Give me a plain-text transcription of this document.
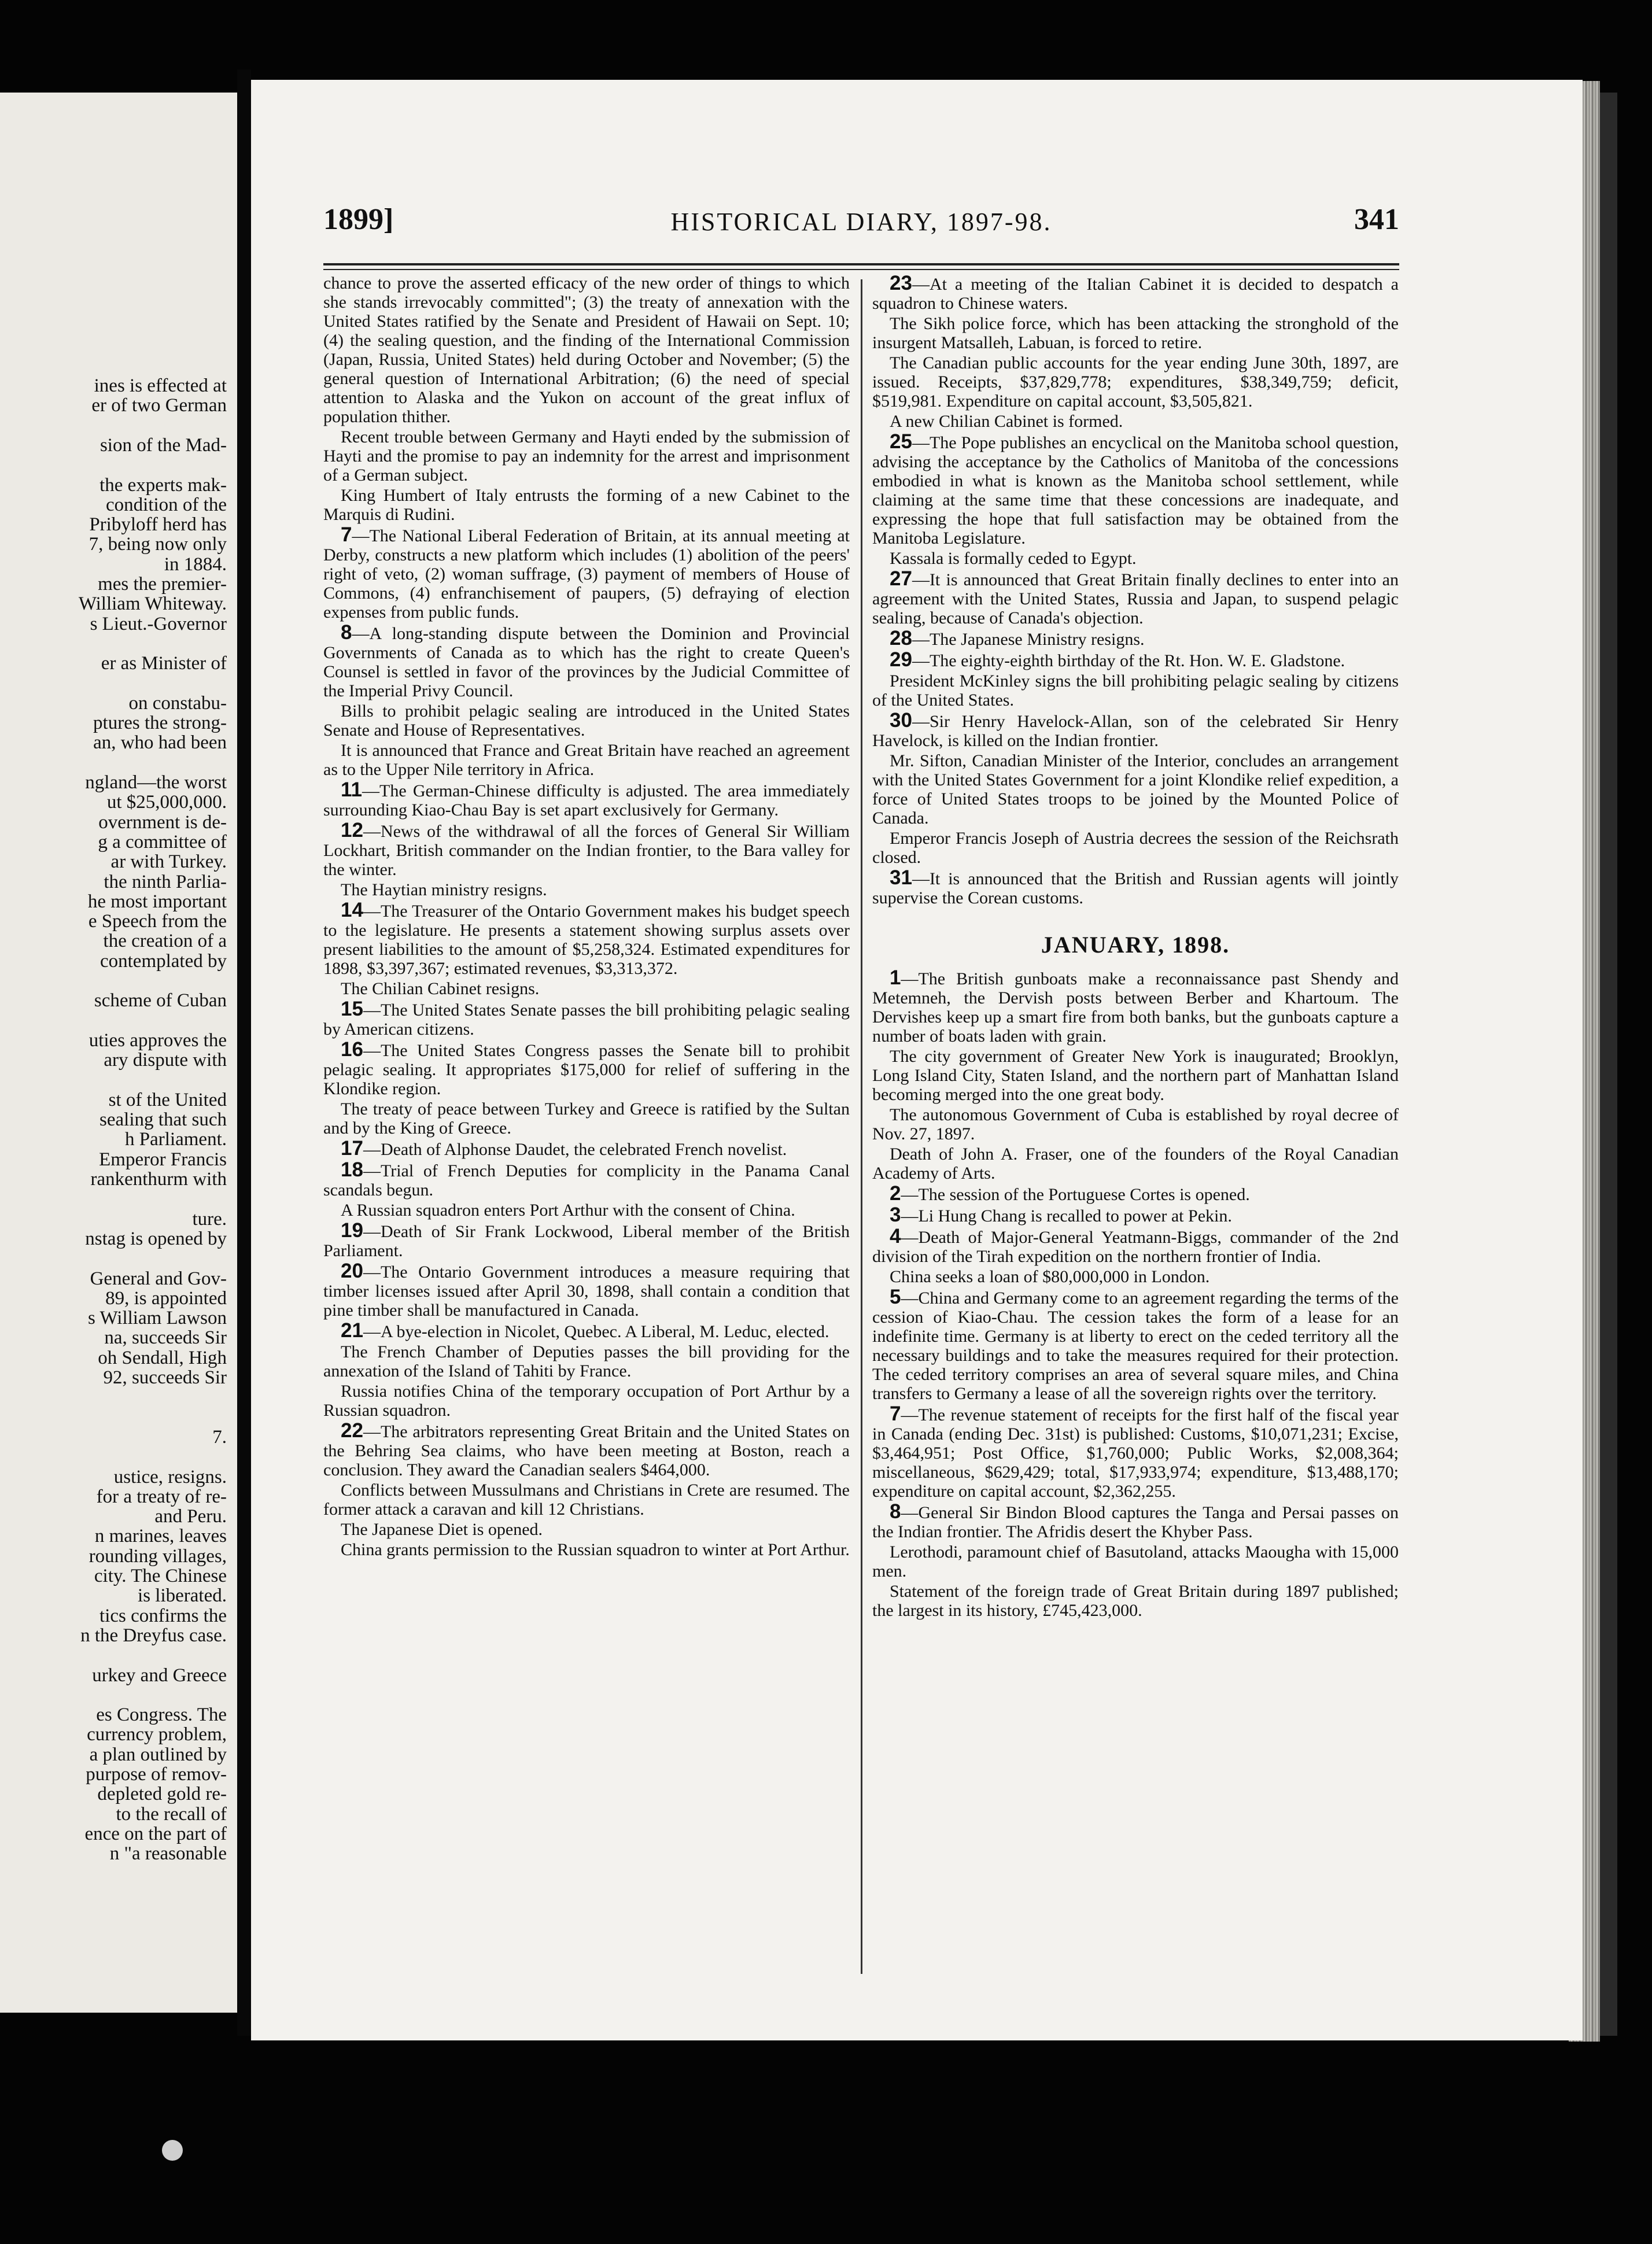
ines is effected at
er of two German
sion of the Mad-
the experts mak-
condition of the
Pribyloff herd has
7, being now only
in 1884.
mes the premier-
William Whiteway.
s Lieut.-Governor
er as Minister of
on constabu-
ptures the strong-
an, who had been
ngland—the worst
ut $25,000,000.
overnment is de-
g a committee of
ar with Turkey.
the ninth Parlia-
he most important
e Speech from the
the creation of a
contemplated by
scheme of Cuban
uties approves the
ary dispute with
st of the United
sealing that such
h Parliament.
Emperor Francis
rankenthurm with
ture.
nstag is opened by
General and Gov-
89, is appointed
s William Lawson
na, succeeds Sir
oh Sendall, High
92, succeeds Sir
7.
ustice, resigns.
for a treaty of re-
and Peru.
n marines, leaves
rounding villages,
city. The Chinese
is liberated.
tics confirms the
n the Dreyfus case.
urkey and Greece
es Congress. The
currency problem,
a plan outlined by
purpose of remov-
depleted gold re-
to the recall of
ence on the part of
n "a reasonable
1899]	HISTORICAL DIARY, 1897-98.	341

chance to prove the asserted efficacy of the new order of things to which she stands irrevocably committed"; (3) the treaty of annexation with the United States ratified by the Senate and President of Hawaii on Sept. 10; (4) the sealing question, and the finding of the International Commission (Japan, Russia, United States) held during October and November; (5) the general question of International Arbitration; (6) the need of special attention to Alaska and the Yukon on account of the great influx of population thither.

Recent trouble between Germany and Hayti ended by the submission of Hayti and the promise to pay an indemnity for the arrest and imprisonment of a German subject.

King Humbert of Italy entrusts the forming of a new Cabinet to the Marquis di Rudini.

7—The National Liberal Federation of Britain, at its annual meeting at Derby, constructs a new platform which includes (1) abolition of the peers' right of veto, (2) woman suffrage, (3) payment of members of House of Commons, (4) enfranchisement of paupers, (5) defraying of election expenses from public funds.

8—A long-standing dispute between the Dominion and Provincial Governments of Canada as to which has the right to create Queen's Counsel is settled in favor of the provinces by the Judicial Committee of the Imperial Privy Council.

Bills to prohibit pelagic sealing are introduced in the United States Senate and House of Representatives.

It is announced that France and Great Britain have reached an agreement as to the Upper Nile territory in Africa.

11—The German-Chinese difficulty is adjusted. The area immediately surrounding Kiao-Chau Bay is set apart exclusively for Germany.

12—News of the withdrawal of all the forces of General Sir William Lockhart, British commander on the Indian frontier, to the Bara valley for the winter.

The Haytian ministry resigns.

14—The Treasurer of the Ontario Government makes his budget speech to the legislature. He presents a statement showing surplus assets over present liabilities to the amount of $5,258,324. Estimated expenditures for 1898, $3,397,367; estimated revenues, $3,313,372.

The Chilian Cabinet resigns.

15—The United States Senate passes the bill prohibiting pelagic sealing by American citizens.

16—The United States Congress passes the Senate bill to prohibit pelagic sealing. It appropriates $175,000 for relief of suffering in the Klondike region.

The treaty of peace between Turkey and Greece is ratified by the Sultan and by the King of Greece.

17—Death of Alphonse Daudet, the celebrated French novelist.

18—Trial of French Deputies for complicity in the Panama Canal scandals begun.

A Russian squadron enters Port Arthur with the consent of China.

19—Death of Sir Frank Lockwood, Liberal member of the British Parliament.

20—The Ontario Government introduces a measure requiring that timber licenses issued after April 30, 1898, shall contain a condition that pine timber shall be manufactured in Canada.

21—A bye-election in Nicolet, Quebec. A Liberal, M. Leduc, elected.

The French Chamber of Deputies passes the bill providing for the annexation of the Island of Tahiti by France.

Russia notifies China of the temporary occupation of Port Arthur by a Russian squadron.

22—The arbitrators representing Great Britain and the United States on the Behring Sea claims, who have been meeting at Boston, reach a conclusion. They award the Canadian sealers $464,000.

Conflicts between Mussulmans and Christians in Crete are resumed. The former attack a caravan and kill 12 Christians.

The Japanese Diet is opened.

China grants permission to the Russian squadron to winter at Port Arthur.

23—At a meeting of the Italian Cabinet it is decided to despatch a squadron to Chinese waters.

The Sikh police force, which has been attacking the stronghold of the insurgent Matsalleh, Labuan, is forced to retire.

The Canadian public accounts for the year ending June 30th, 1897, are issued. Receipts, $37,829,778; expenditures, $38,349,759; deficit, $519,981. Expenditure on capital account, $3,505,821.

A new Chilian Cabinet is formed.

25—The Pope publishes an encyclical on the Manitoba school question, advising the acceptance by the Catholics of Manitoba of the concessions embodied in what is known as the Manitoba school settlement, while claiming at the same time that these concessions are inadequate, and expressing the hope that full satisfaction may be obtained from the Manitoba Legislature.

Kassala is formally ceded to Egypt.

27—It is announced that Great Britain finally declines to enter into an agreement with the United States, Russia and Japan, to suspend pelagic sealing, because of Canada's objection.

28—The Japanese Ministry resigns.

29—The eighty-eighth birthday of the Rt. Hon. W. E. Gladstone.

President McKinley signs the bill prohibiting pelagic sealing by citizens of the United States.

30—Sir Henry Havelock-Allan, son of the celebrated Sir Henry Havelock, is killed on the Indian frontier.

Mr. Sifton, Canadian Minister of the Interior, concludes an arrangement with the United States Government for a joint Klondike relief expedition, a force of United States troops to be joined by the Mounted Police of Canada.

Emperor Francis Joseph of Austria decrees the session of the Reichsrath closed.

31—It is announced that the British and Russian agents will jointly supervise the Corean customs.

JANUARY, 1898.

1—The British gunboats make a reconnaissance past Shendy and Metemneh, the Dervish posts between Berber and Khartoum. The Dervishes keep up a smart fire from both banks, but the gunboats capture a number of boats laden with grain.

The city government of Greater New York is inaugurated; Brooklyn, Long Island City, Staten Island, and the northern part of Manhattan Island becoming merged into the one great body.

The autonomous Government of Cuba is established by royal decree of Nov. 27, 1897.

Death of John A. Fraser, one of the founders of the Royal Canadian Academy of Arts.

2—The session of the Portuguese Cortes is opened.

3—Li Hung Chang is recalled to power at Pekin.

4—Death of Major-General Yeatmann-Biggs, commander of the 2nd division of the Tirah expedition on the northern frontier of India.

China seeks a loan of $80,000,000 in London.

5—China and Germany come to an agreement regarding the terms of the cession of Kiao-Chau. The cession takes the form of a lease for an indefinite time. Germany is at liberty to erect on the ceded territory all the necessary buildings and to take the measures required for their protection. The ceded territory comprises an area of several square miles, and China transfers to Germany a lease of all the sovereign rights over the territory.

7—The revenue statement of receipts for the first half of the fiscal year in Canada (ending Dec. 31st) is published: Customs, $10,071,231; Excise, $3,464,951; Post Office, $1,760,000; Public Works, $2,008,364; miscellaneous, $629,429; total, $17,933,974; expenditure, $13,488,170; expenditure on capital account, $2,362,255.

8—General Sir Bindon Blood captures the Tanga and Persai passes on the Indian frontier. The Afridis desert the Khyber Pass.

Lerothodi, paramount chief of Basutoland, attacks Maougha with 15,000 men.

Statement of the foreign trade of Great Britain during 1897 published; the largest in its history, £745,423,000.
